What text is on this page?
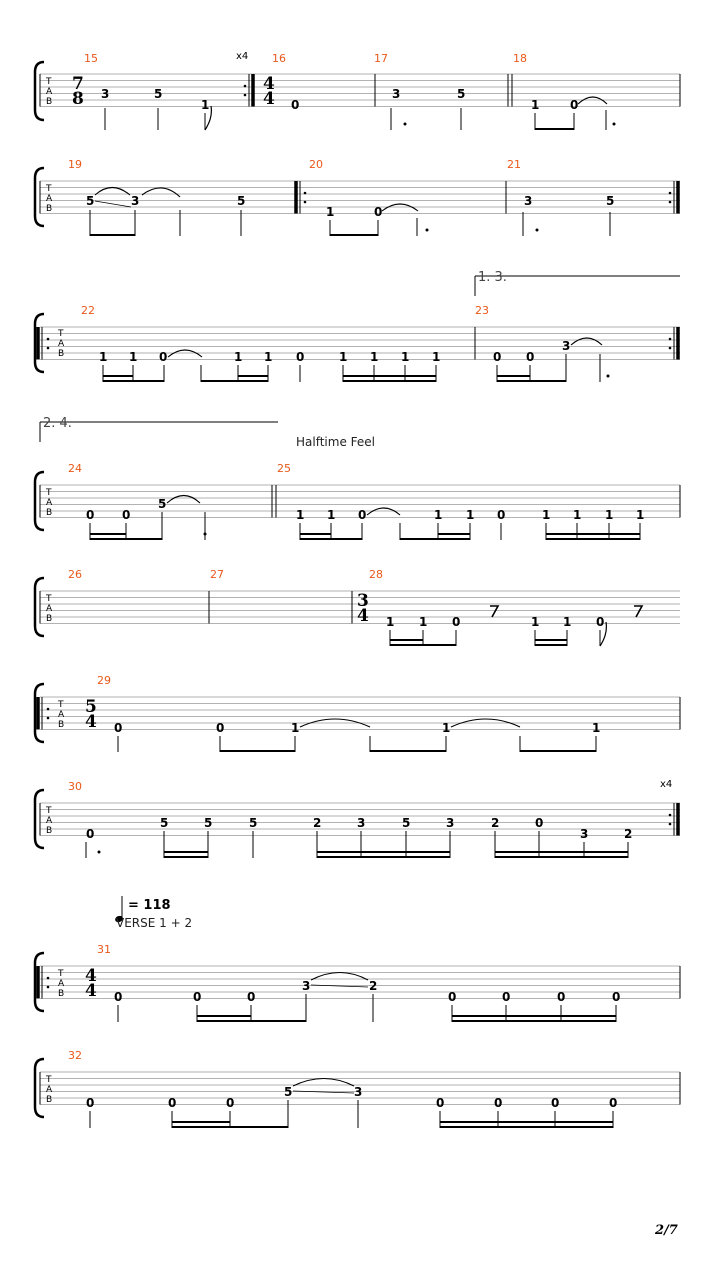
T
A
B
7
8
15
3	5
1
x4 16
4
4 0
17
3	5
18
1	0
T
A
B
19
5	3	5
20
1	0
21
3	5
1. 3.
T
A
B
22
1 1 0	1 1 0	1 1 1 1
23
0 0
3
2. 4.
Halftime Feel
T
A
B
24
0 0
5
25
1 1 0	1 1 0	1 1 1 1
T
A
B
26	27	28
3
4 1 1 0	1 1 0
T
A
B
5
4
29
0	0	1	1	1
T
A
B
30	x4
0
5	5	5	2	3	5	3	2	0
3	2
= 118
VERSE 1 + 2
T
A
B
4
4
31
0	0	0
3	2
0	0	0	0
T
A
B
32
0	0	0
5	3
0	0	0	0
2/7
